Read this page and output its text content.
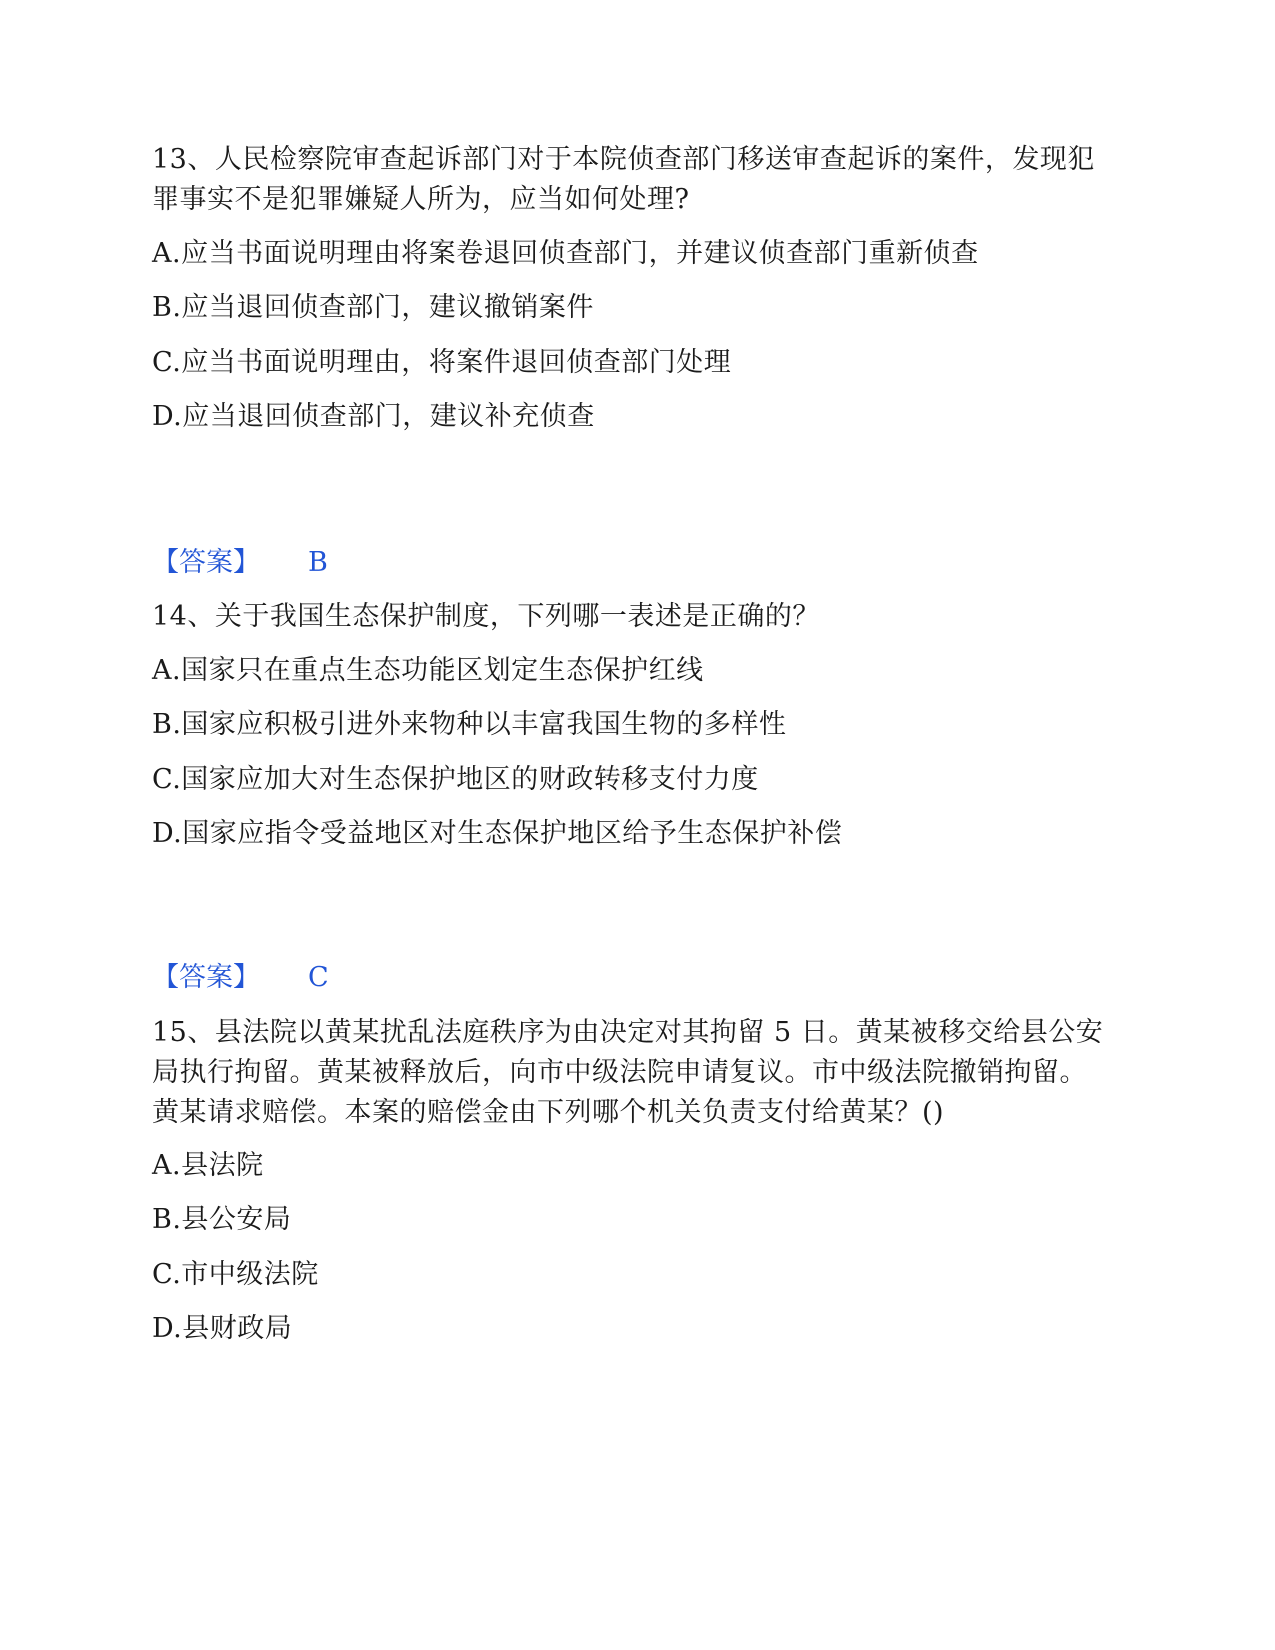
13、人民检察院审查起诉部门对于本院侦查部门移送审查起诉的案件，发现犯罪事实不是犯罪嫌疑人所为，应当如何处理?

A.应当书面说明理由将案卷退回侦查部门，并建议侦查部门重新侦查

B.应当退回侦查部门，建议撤销案件

C.应当书面说明理由，将案件退回侦查部门处理

D.应当退回侦查部门，建议补充侦查

【答案】 B

14、关于我国生态保护制度，下列哪一表述是正确的？

A.国家只在重点生态功能区划定生态保护红线

B.国家应积极引进外来物种以丰富我国生物的多样性

C.国家应加大对生态保护地区的财政转移支付力度

D.国家应指令受益地区对生态保护地区给予生态保护补偿

【答案】 C

15、县法院以黄某扰乱法庭秩序为由决定对其拘留 5 日。黄某被移交给县公安局执行拘留。黄某被释放后，向市中级法院申请复议。市中级法院撤销拘留。黄某请求赔偿。本案的赔偿金由下列哪个机关负责支付给黄某？()

A.县法院

B.县公安局

C.市中级法院

D.县财政局
